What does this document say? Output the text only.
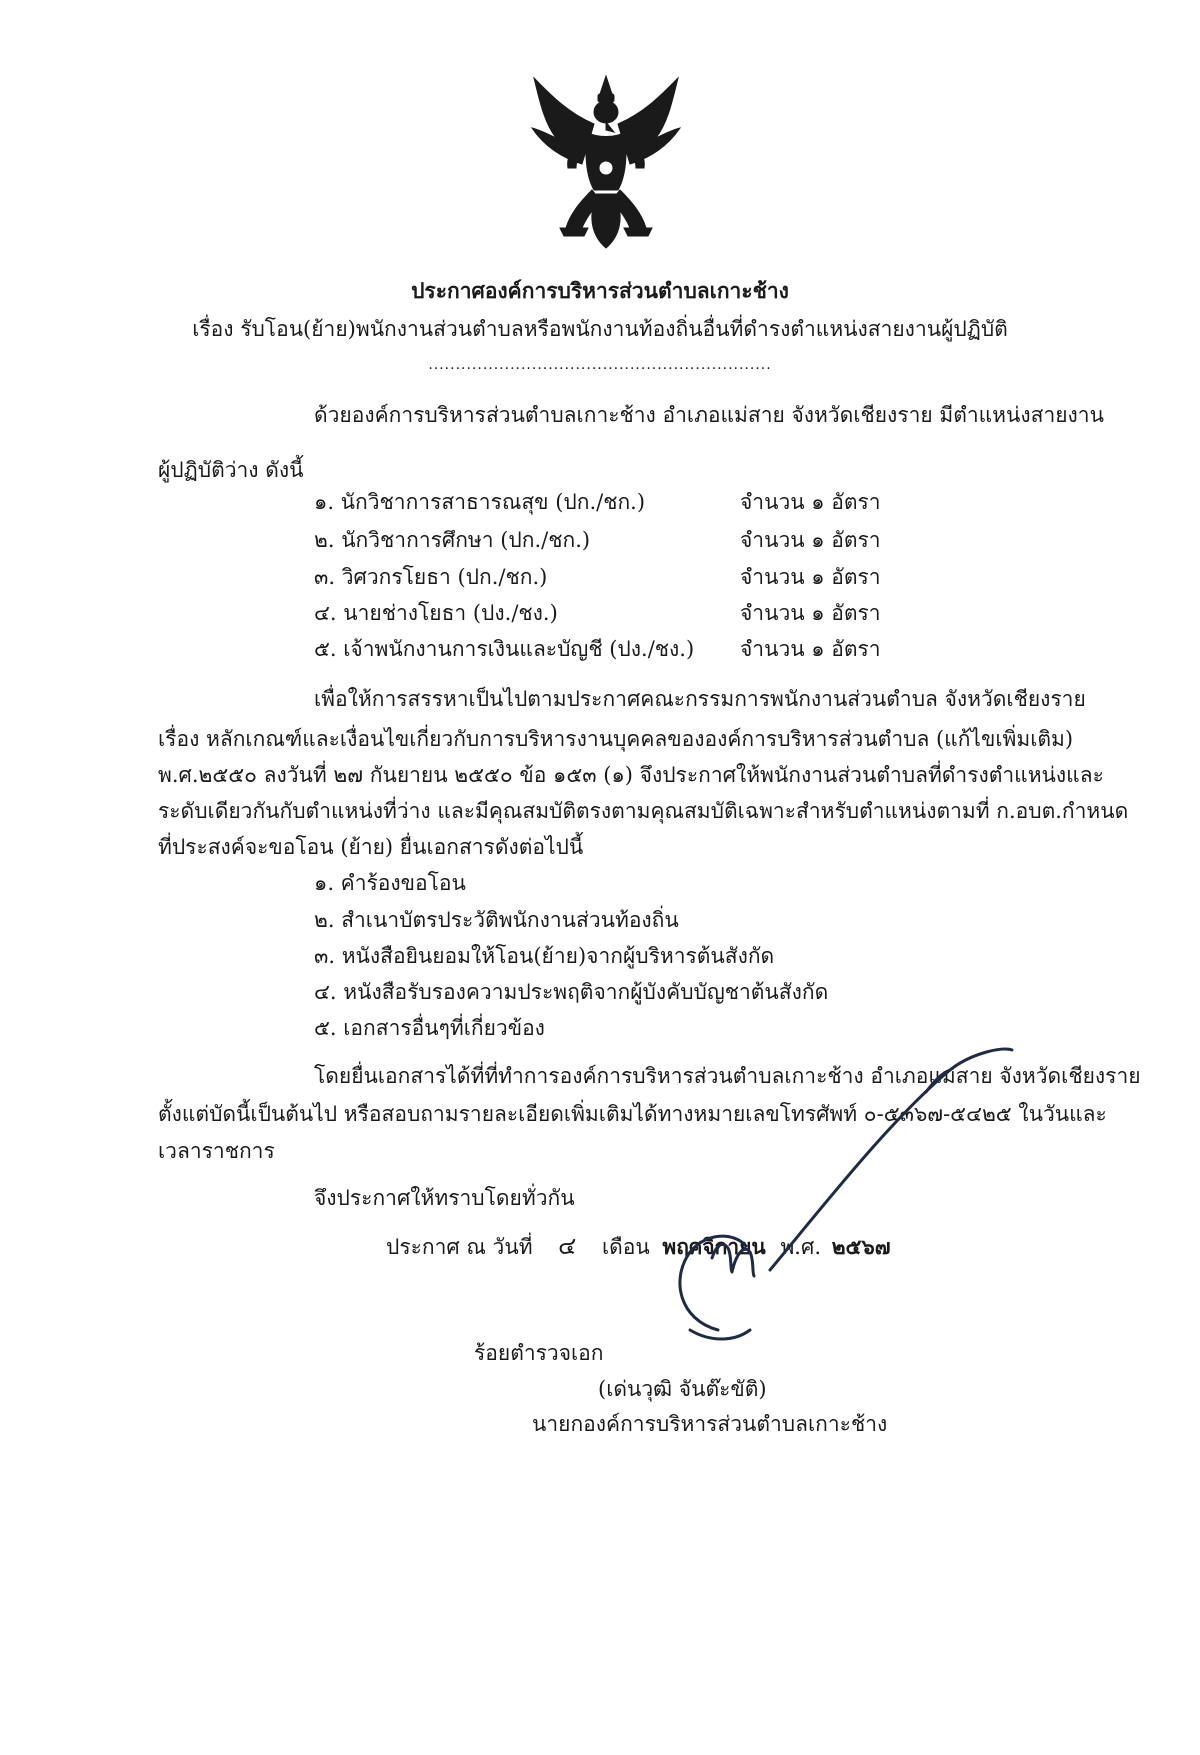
ประกาศองค์การบริหารส่วนตำบลเกาะช้าง
เรื่อง รับโอน(ย้าย)พนักงานส่วนตำบลหรือพนักงานท้องถิ่นอื่นที่ดำรงตำแหน่งสายงานผู้ปฏิบัติ
...............................................................
ด้วยองค์การบริหารส่วนตำบลเกาะช้าง อำเภอแม่สาย จังหวัดเชียงราย มีตำแหน่งสายงาน
ผู้ปฏิบัติว่าง ดังนี้
๑. นักวิชาการสาธารณสุข (ปก./ชก.)	จำนวน ๑ อัตรา
๒. นักวิชาการศึกษา (ปก./ชก.)	จำนวน ๑ อัตรา
๓. วิศวกรโยธา (ปก./ชก.)	จำนวน ๑ อัตรา
๔. นายช่างโยธา (ปง./ชง.)	จำนวน ๑ อัตรา
๕. เจ้าพนักงานการเงินและบัญชี (ปง./ชง.) จำนวน ๑ อัตรา
เพื่อให้การสรรหาเป็นไปตามประกาศคณะกรรมการพนักงานส่วนตำบล จังหวัดเชียงราย
เรื่อง หลักเกณฑ์และเงื่อนไขเกี่ยวกับการบริหารงานบุคคลขององค์การบริหารส่วนตำบล (แก้ไขเพิ่มเติม)
พ.ศ.๒๕๕๐ ลงวันที่ ๒๗ กันยายน ๒๕๕๐ ข้อ ๑๕๓ (๑) จึงประกาศให้พนักงานส่วนตำบลที่ดำรงตำแหน่งและ
ระดับเดียวกันกับตำแหน่งที่ว่าง และมีคุณสมบัติตรงตามคุณสมบัติเฉพาะสำหรับตำแหน่งตามที่ ก.อบต.กำหนด
ที่ประสงค์จะขอโอน (ย้าย) ยื่นเอกสารดังต่อไปนี้
๑. คำร้องขอโอน
๒. สำเนาบัตรประวัติพนักงานส่วนท้องถิ่น
๓. หนังสือยินยอมให้โอน(ย้าย)จากผู้บริหารต้นสังกัด
๔. หนังสือรับรองความประพฤติจากผู้บังคับบัญชาต้นสังกัด
๕. เอกสารอื่นๆที่เกี่ยวข้อง
โดยยื่นเอกสารได้ที่ที่ทำการองค์การบริหารส่วนตำบลเกาะช้าง อำเภอแม่สาย จังหวัดเชียงราย
ตั้งแต่บัดนี้เป็นต้นไป หรือสอบถามรายละเอียดเพิ่มเติมได้ทางหมายเลขโทรศัพท์ ๐-๕๓๖๗-๕๔๒๕ ในวันและ
เวลาราชการ
จึงประกาศให้ทราบโดยทั่วกัน
ประกาศ ณ วันที่ ๔ เดือน พฤศจิกายน พ.ศ. ๒๕๖๗
ร้อยตำรวจเอก
(เด่นวุฒิ จันต๊ะขัติ)
นายกองค์การบริหารส่วนตำบลเกาะช้าง
